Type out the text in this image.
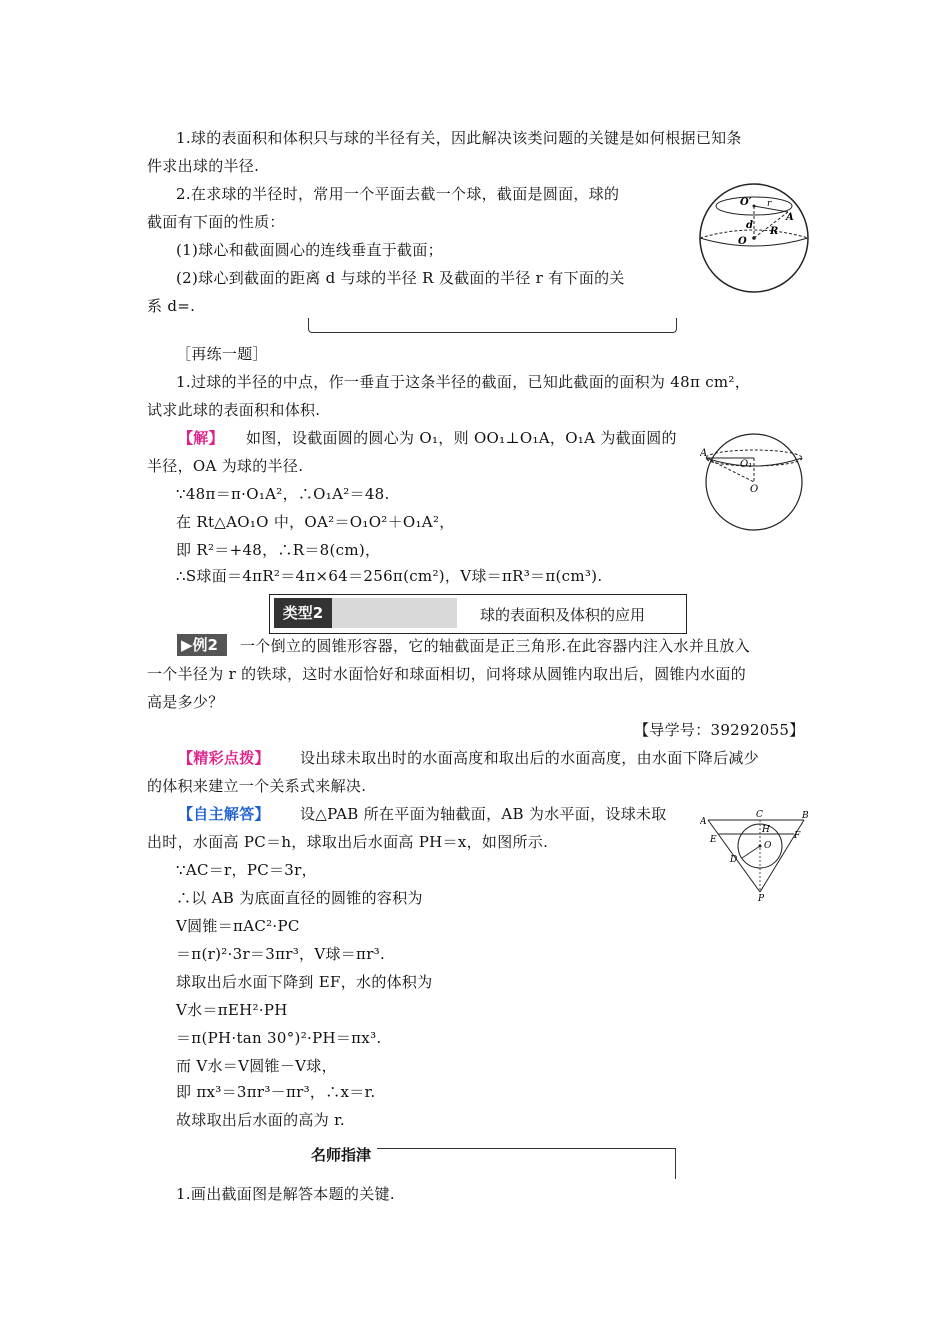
1.球的表面积和体积只与球的半径有关，因此解决该类问题的关键是如何根据已知条
件求出球的半径.
2.在求球的半径时，常用一个平面去截一个球，截面是圆面，球的
截面有下面的性质：
(1)球心和截面圆心的连线垂直于截面；
(2)球心到截面的距离 d 与球的半径 R 及截面的半径 r 有下面的关
系 d=.
O′ r
A
d
R
O
［再练一题］
1.过球的半径的中点，作一垂直于这条半径的截面，已知此截面的面积为 48π cm²，
试求此球的表面积和体积.
【解】 如图，设截面圆的圆心为 O₁，则 OO₁⊥O₁A，O₁A 为截面圆的
半径，OA 为球的半径.
∵48π＝π·O₁A²，∴O₁A²＝48.
在 Rt△AO₁O 中，OA²＝O₁O²＋O₁A²，
即 R²＝+48，∴R＝8(cm)，
∴S球面＝4πR²＝4π×64＝256π(cm²)，V球＝πR³＝π(cm³).
A
O₁
O
类型2	球的表面积及体积的应用
▶例2	一个倒立的圆锥形容器，它的轴截面是正三角形.在此容器内注入水并且放入
一个半径为 r 的铁球，这时水面恰好和球面相切，问将球从圆锥内取出后，圆锥内水面的
高是多少？
【导学号：39292055】
【精彩点拨】 设出球未取出时的水面高度和取出后的水面高度，由水面下降后减少
的体积来建立一个关系式来解决.
【自主解答】 设△PAB 所在平面为轴截面，AB 为水平面，设球未取
出时，水面高 PC＝h，球取出后水面高 PH＝x，如图所示.
∵AC＝r，PC＝3r，
∴以 AB 为底面直径的圆锥的容积为
V圆锥＝πAC²·PC
＝π(r)²·3r＝3πr³，V球＝πr³.
球取出后水面下降到 EF，水的体积为
V水＝πEH²·PH
＝π(PH·tan 30°)²·PH＝πx³.
而 V水＝V圆锥－V球，
即 πx³＝3πr³－πr³，∴x＝r.
故球取出后水面的高为 r.
C	B
A
H
F
E
O
D
P
名师指津
1.画出截面图是解答本题的关键.
